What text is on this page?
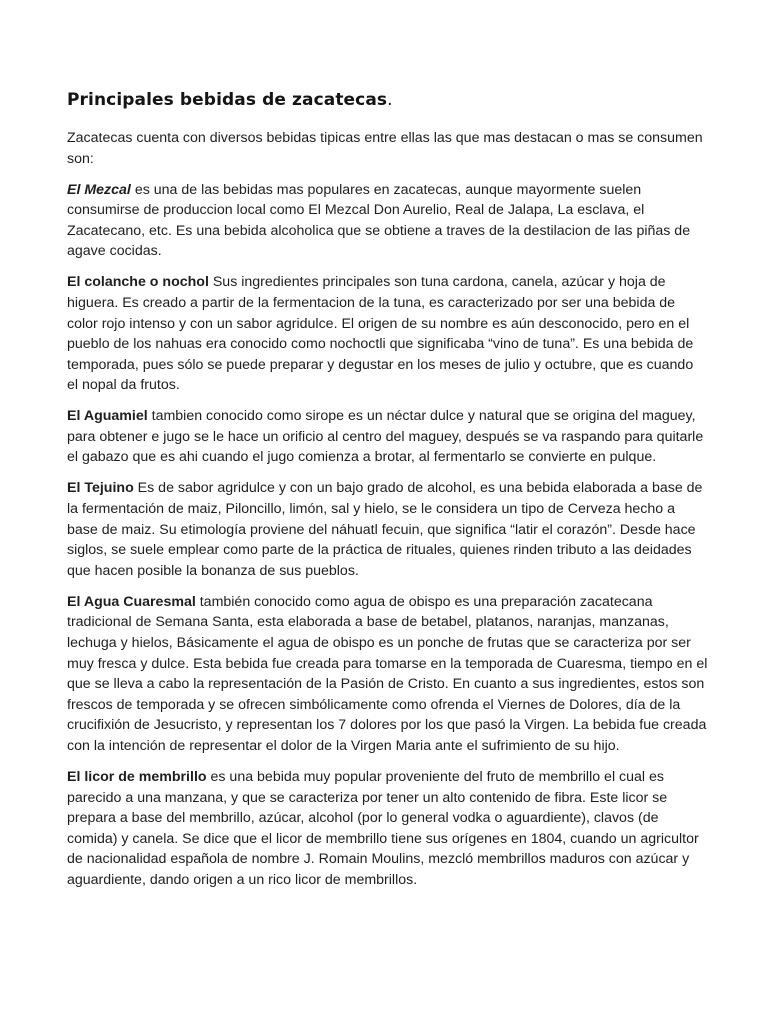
Principales bebidas de zacatecas.

Zacatecas cuenta con diversos bebidas tipicas entre ellas las que mas destacan o mas se consumen son:

El Mezcal es una de las bebidas mas populares en zacatecas, aunque mayormente suelen consumirse de produccion local como El Mezcal Don Aurelio, Real de Jalapa, La esclava, el Zacatecano, etc. Es una bebida alcoholica que se obtiene a traves de la destilacion de las piñas de agave cocidas.

El colanche o nochol Sus ingredientes principales son tuna cardona, canela, azúcar y hoja de higuera. Es creado a partir de la fermentacion de la tuna, es caracterizado por ser una bebida de color rojo intenso y con un sabor agridulce. El origen de su nombre es aún desconocido, pero en el pueblo de los nahuas era conocido como nochoctli que significaba “vino de tuna”. Es una bebida de temporada, pues sólo se puede preparar y degustar en los meses de julio y octubre, que es cuando el nopal da frutos.

El Aguamiel tambien conocido como sirope es un néctar dulce y natural que se origina del maguey, para obtener e jugo se le hace un orificio al centro del maguey, después se va raspando para quitarle el gabazo que es ahi cuando el jugo comienza a brotar, al fermentarlo se convierte en pulque.

El Tejuino Es de sabor agridulce y con un bajo grado de alcohol, es una bebida elaborada a base de la fermentación de maiz, Piloncillo, limón, sal y hielo, se le considera un tipo de Cerveza hecho a base de maiz. Su etimología proviene del náhuatl fecuin, que significa “latir el corazón”. Desde hace siglos, se suele emplear como parte de la práctica de rituales, quienes rinden tributo a las deidades que hacen posible la bonanza de sus pueblos.

El Agua Cuaresmal también conocido como agua de obispo es una preparación zacatecana tradicional de Semana Santa, esta elaborada a base de betabel, platanos, naranjas, manzanas, lechuga y hielos, Básicamente el agua de obispo es un ponche de frutas que se caracteriza por ser muy fresca y dulce. Esta bebida fue creada para tomarse en la temporada de Cuaresma, tiempo en el que se lleva a cabo la representación de la Pasión de Cristo. En cuanto a sus ingredientes, estos son frescos de temporada y se ofrecen simbólicamente como ofrenda el Viernes de Dolores, día de la crucifixión de Jesucristo, y representan los 7 dolores por los que pasó la Virgen. La bebida fue creada con la intención de representar el dolor de la Virgen Maria ante el sufrimiento de su hijo.

El licor de membrillo es una bebida muy popular proveniente del fruto de membrillo el cual es parecido a una manzana, y que se caracteriza por tener un alto contenido de fibra. Este licor se prepara a base del membrillo, azúcar, alcohol (por lo general vodka o aguardiente), clavos (de comida) y canela. Se dice que el licor de membrillo tiene sus orígenes en 1804, cuando un agricultor de nacionalidad española de nombre J. Romain Moulins, mezcló membrillos maduros con azúcar y aguardiente, dando origen a un rico licor de membrillos.
